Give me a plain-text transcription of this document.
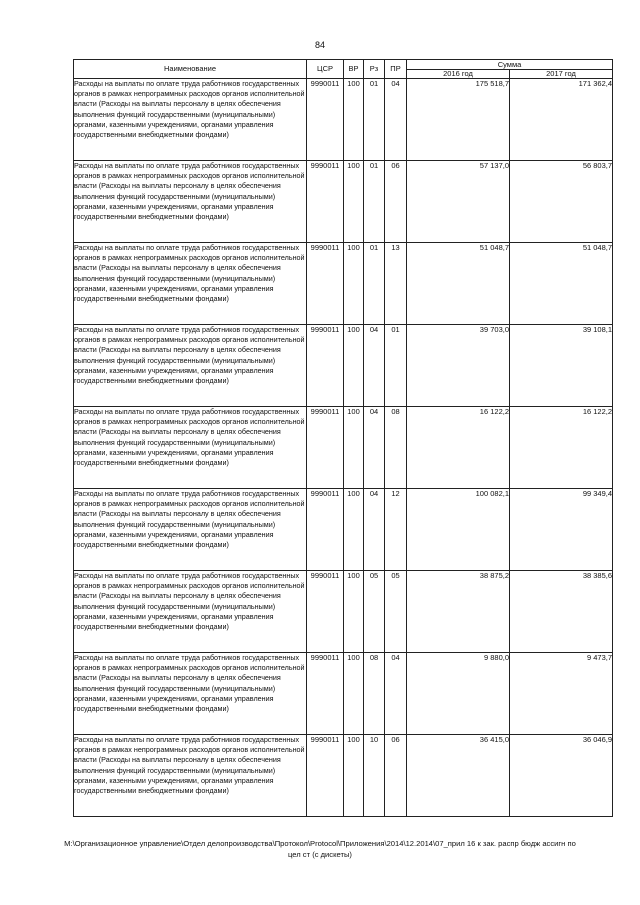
84
Наименование	ЦСР	ВР	Рз	ПР	Сумма	
					2016 год	2017 год
Расходы на выплаты по оплате труда работников государственных органов в рамках непрограммных расходов органов исполнительной власти (Расходы на выплаты персоналу в целях обеспечения выполнения функций государственными (муниципальными) органами, казенными учреждениями, органами управления государственными внебюджетными фондами)	9990011	100	01	04	175 518,7	171 362,4
Расходы на выплаты по оплате труда работников государственных органов в рамках непрограммных расходов органов исполнительной власти (Расходы на выплаты персоналу в целях обеспечения выполнения функций государственными (муниципальными) органами, казенными учреждениями, органами управления государственными внебюджетными фондами)	9990011	100	01	06	57 137,0	56 803,7
Расходы на выплаты по оплате труда работников государственных органов в рамках непрограммных расходов органов исполнительной власти (Расходы на выплаты персоналу в целях обеспечения выполнения функций государственными (муниципальными) органами, казенными учреждениями, органами управления государственными внебюджетными фондами)	9990011	100	01	13	51 048,7	51 048,7
Расходы на выплаты по оплате труда работников государственных органов в рамках непрограммных расходов органов исполнительной власти (Расходы на выплаты персоналу в целях обеспечения выполнения функций государственными (муниципальными) органами, казенными учреждениями, органами управления государственными внебюджетными фондами)	9990011	100	04	01	39 703,0	39 108,1
Расходы на выплаты по оплате труда работников государственных органов в рамках непрограммных расходов органов исполнительной власти (Расходы на выплаты персоналу в целях обеспечения выполнения функций государственными (муниципальными) органами, казенными учреждениями, органами управления государственными внебюджетными фондами)	9990011	100	04	08	16 122,2	16 122,2
Расходы на выплаты по оплате труда работников государственных органов в рамках непрограммных расходов органов исполнительной власти (Расходы на выплаты персоналу в целях обеспечения выполнения функций государственными (муниципальными) органами, казенными учреждениями, органами управления государственными внебюджетными фондами)	9990011	100	04	12	100 082,1	99 349,4
Расходы на выплаты по оплате труда работников государственных органов в рамках непрограммных расходов органов исполнительной власти (Расходы на выплаты персоналу в целях обеспечения выполнения функций государственными (муниципальными) органами, казенными учреждениями, органами управления государственными внебюджетными фондами)	9990011	100	05	05	38 875,2	38 385,6
Расходы на выплаты по оплате труда работников государственных органов в рамках непрограммных расходов органов исполнительной власти (Расходы на выплаты персоналу в целях обеспечения выполнения функций государственными (муниципальными) органами, казенными учреждениями, органами управления государственными внебюджетными фондами)	9990011	100	08	04	9 880,0	9 473,7
Расходы на выплаты по оплате труда работников государственных органов в рамках непрограммных расходов органов исполнительной власти (Расходы на выплаты персоналу в целях обеспечения выполнения функций государственными (муниципальными) органами, казенными учреждениями, органами управления государственными внебюджетными фондами)	9990011	100	10	06	36 415,0	36 046,9
M:\Организационное управление\Отдел делопроизводства\Протокол\Protocol\Приложения\2014\12.2014\07_прил 16 к зак. распр бюдж ассигн по цел ст (с дискеты)
